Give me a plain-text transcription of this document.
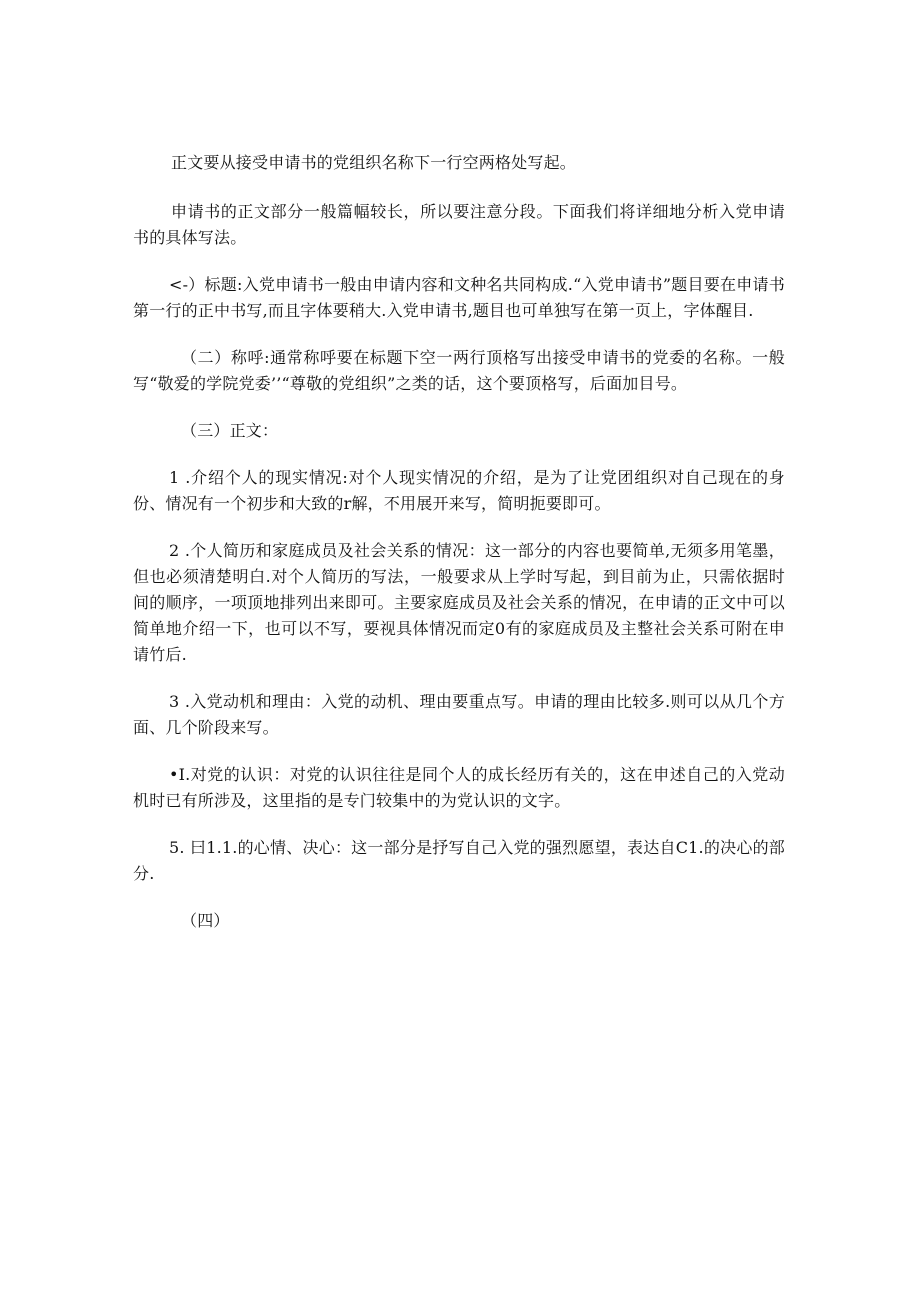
正文要从接受申请书的党组织名称下一行空两格处写起。

申请书的正文部分一般篇幅较长，所以要注意分段。下面我们将详细地分析入党申请书的具体写法。

<-）标题:入党申请书一般由申请内容和文种名共同构成.“入党申请书”题目要在申请书第一行的正中书写,而且字体要稍大.入党申请书,题目也可单独写在第一页上，字体醒目.

（二）称呼:通常称呼要在标题下空一两行顶格写出接受申请书的党委的名称。一般写“敬爱的学院党委’’“尊敬的党组织”之类的话，这个要顶格写，后面加目号。

（三）正文：

1 .介绍个人的现实情况:对个人现实情况的介绍，是为了让党团组织对自己现在的身份、情况有一个初步和大致的r解，不用展开来写，简明扼要即可。

2 .个人简历和家庭成员及社会关系的情况：这一部分的内容也要简单,无须多用笔墨，但也必须清楚明白.对个人简历的写法，一般要求从上学时写起，到目前为止，只需依据时间的顺序，一项顶地排列出来即可。主要家庭成员及社会关系的情况，在申请的正文中可以简单地介绍一下，也可以不写，要视具体情况而定0有的家庭成员及主整社会关系可附在申请竹后.

3 .入党动机和理由：入党的动机、理由要重点写。申请的理由比较多.则可以从几个方面、几个阶段来写。

•I.对党的认识：对党的认识往往是同个人的成长经历有关的，这在申述自己的入党动机时已有所涉及，这里指的是专门较集中的为党认识的文字。

5. 曰1.1.的心情、决心：这一部分是抒写自己入党的强烈愿望，表达自C1.的决心的部分.

（四）
